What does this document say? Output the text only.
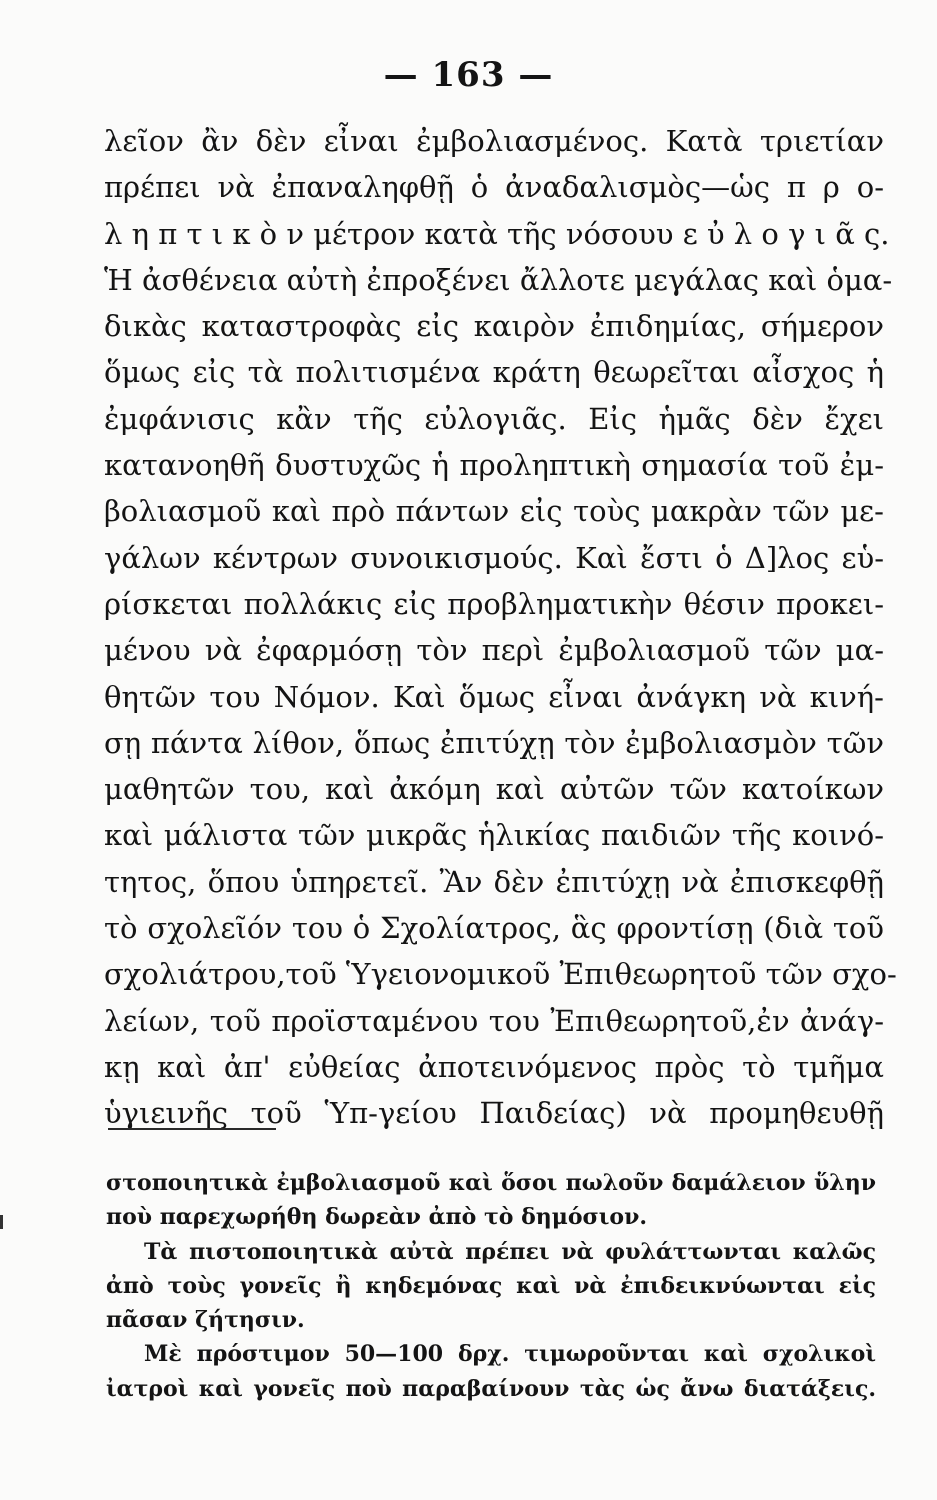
— 163 —
λεῖον ἂν δὲν εἶναι ἐμβολιασμένος. Κατὰ τριετίαν
πρέπει νὰ ἐπαναληφθῇ ὁ ἀναδαλισμὸς—ὡς π ρ ο-
λ η π τ ι κ ὸ ν μέτρον κατὰ τῆς νόσουυ ε ὐ λ ο γ ι ᾶ ς.
Ἡ ἀσθένεια αὐτὴ ἐπροξένει ἄλλοτε μεγάλας καὶ ὁμα-
δικὰς καταστροφὰς εἰς καιρὸν ἐπιδημίας, σήμερον
ὅμως εἰς τὰ πολιτισμένα κράτη θεωρεῖται αἶσχος ἡ
ἐμφάνισις κἂν τῆς εὐλογιᾶς. Εἰς ἡμᾶς δὲν ἔχει
κατανοηθῆ δυστυχῶς ἡ προληπτικὴ σημασία τοῦ ἐμ-
βολιασμοῦ καὶ πρὸ πάντων εἰς τοὺς μακρὰν τῶν με-
γάλων κέντρων συνοικισμούς. Καὶ ἔστι ὁ Δ]λος εὑ-
ρίσκεται πολλάκις εἰς προβληματικὴν θέσιν προκει-
μένου νὰ ἐφαρμόσῃ τὸν περὶ ἐμβολιασμοῦ τῶν μα-
θητῶν του Νόμον. Καὶ ὅμως εἶναι ἀνάγκη νὰ κινή-
σῃ πάντα λίθον, ὅπως ἐπιτύχῃ τὸν ἐμβολιασμὸν τῶν
μαθητῶν του, καὶ ἀκόμη καὶ αὐτῶν τῶν κατοίκων
καὶ μάλιστα τῶν μικρᾶς ἡλικίας παιδιῶν τῆς κοινό-
τητος, ὅπου ὑπηρετεῖ. Ἂν δὲν ἐπιτύχῃ νὰ ἐπισκεφθῇ
τὸ σχολεῖόν του ὁ Σχολίατρος, ἃς φροντίσῃ (διὰ τοῦ
σχολιάτρου,τοῦ Ὑγειονομικοῦ Ἐπιθεωρητοῦ τῶν σχο-
λείων, τοῦ προϊσταμένου του Ἐπιθεωρητοῦ,ἐν ἀνάγ-
κῃ καὶ ἀπ' εὐθείας ἀποτεινόμενος πρὸς τὸ τμῆμα
ὑγιεινῆς τοῦ Ὑπ-γείου Παιδείας) νὰ προμηθευθῇ
στοποιητικὰ ἐμβολιασμοῦ καὶ ὅσοι πωλοῦν δαμάλειον ὕλην
ποὺ παρεχωρήθη δωρεὰν ἀπὸ τὸ δημόσιον.
Τὰ πιστοποιητικὰ αὐτὰ πρέπει νὰ φυλάττωνται καλῶς
ἀπὸ τοὺς γονεῖς ἢ κηδεμόνας καὶ νὰ ἐπιδεικνύωνται εἰς
πᾶσαν ζήτησιν.
Μὲ πρόστιμον 50—100 δρχ. τιμωροῦνται καὶ σχολικοὶ
ἰατροὶ καὶ γονεῖς ποὺ παραβαίνουν τὰς ὡς ἄνω διατάξεις.
